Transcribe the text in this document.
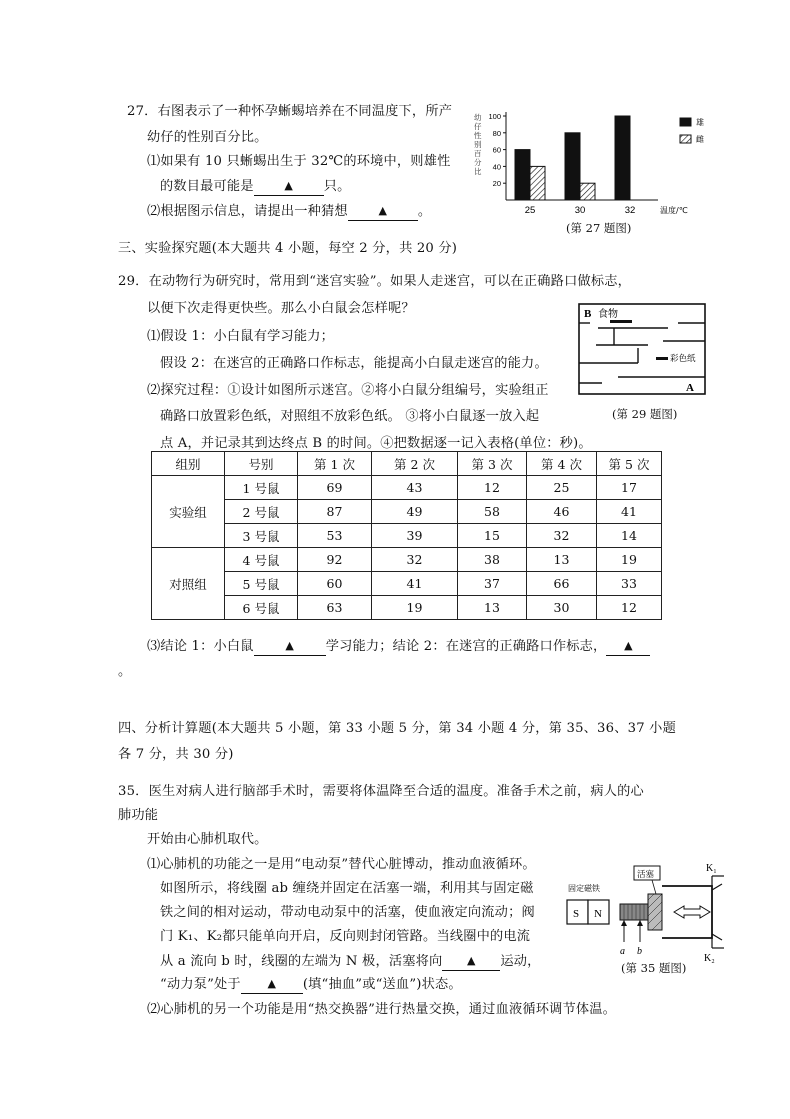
27．右图表示了一种怀孕蜥蜴培养在不同温度下，所产
幼仔的性别百分比。
⑴如果有 10 只蜥蜴出生于 32℃的环境中，则雄性
的数目最可能是	▲ 只。
⑵根据图示信息，请提出一种猜想	▲ 。
20
40
60
80
100
幼
仔
性
别
百
分
比
25	30	32	温度/℃
雄
雌
(第 27 题图)
三、实验探究题(本大题共 4 小题，每空 2 分，共 20 分)
29．在动物行为研究时，常用到“迷宫实验”。如果人走迷宫，可以在正确路口做标志，
以便下次走得更快些。那么小白鼠会怎样呢？
⑴假设 1：小白鼠有学习能力；
假设 2：在迷宫的正确路口作标志，能提高小白鼠走迷宫的能力。
⑵探究过程：①设计如图所示迷宫。②将小白鼠分组编号，实验组正
确路口放置彩色纸，对照组不放彩色纸。 ③将小白鼠逐一放入起
点 A，并记录其到达终点 B 的时间。④把数据逐一记入表格(单位：秒)。
B 食物
彩色纸
A
(第 29 题图)
组别	号别	第 1 次	第 2 次	第 3 次	第 4 次	第 5 次
实验组	1 号鼠	69	43	12	25	17
	2 号鼠	87	49	58	46	41
	3 号鼠	53	39	15	32	14
对照组	4 号鼠	92	32	38	13	19
	5 号鼠	60	41	37	66	33
	6 号鼠	63	19	13	30	12
⑶结论 1：小白鼠	▲ 学习能力；结论 2：在迷宫的正确路口作标志， ▲
。
四、分析计算题(本大题共 5 小题，第 33 小题 5 分，第 34 小题 4 分，第 35、36、37 小题
各 7 分，共 30 分)
35．医生对病人进行脑部手术时，需要将体温降至合适的温度。准备手术之前，病人的心
肺功能
开始由心肺机取代。
⑴心肺机的功能之一是用“电动泵”替代心脏博动，推动血液循环。
如图所示，将线圈 ab 缠绕并固定在活塞一端，利用其与固定磁
铁之间的相对运动，带动电动泵中的活塞，使血液定向流动；阀
门 K₁、K₂都只能单向开启，反向则封闭管路。当线圈中的电流
从 a 流向 b 时，线圈的左端为 N 极，活塞将向 ▲ 运动，
“动力泵”处于 ▲ (填“抽血”或“送血”)状态。
⑵心肺机的另一个功能是用“热交换器”进行热量交换，通过血液循环调节体温。
固定磁铁
S N
活塞
K₁
K₂
a b
(第 35 题图)
